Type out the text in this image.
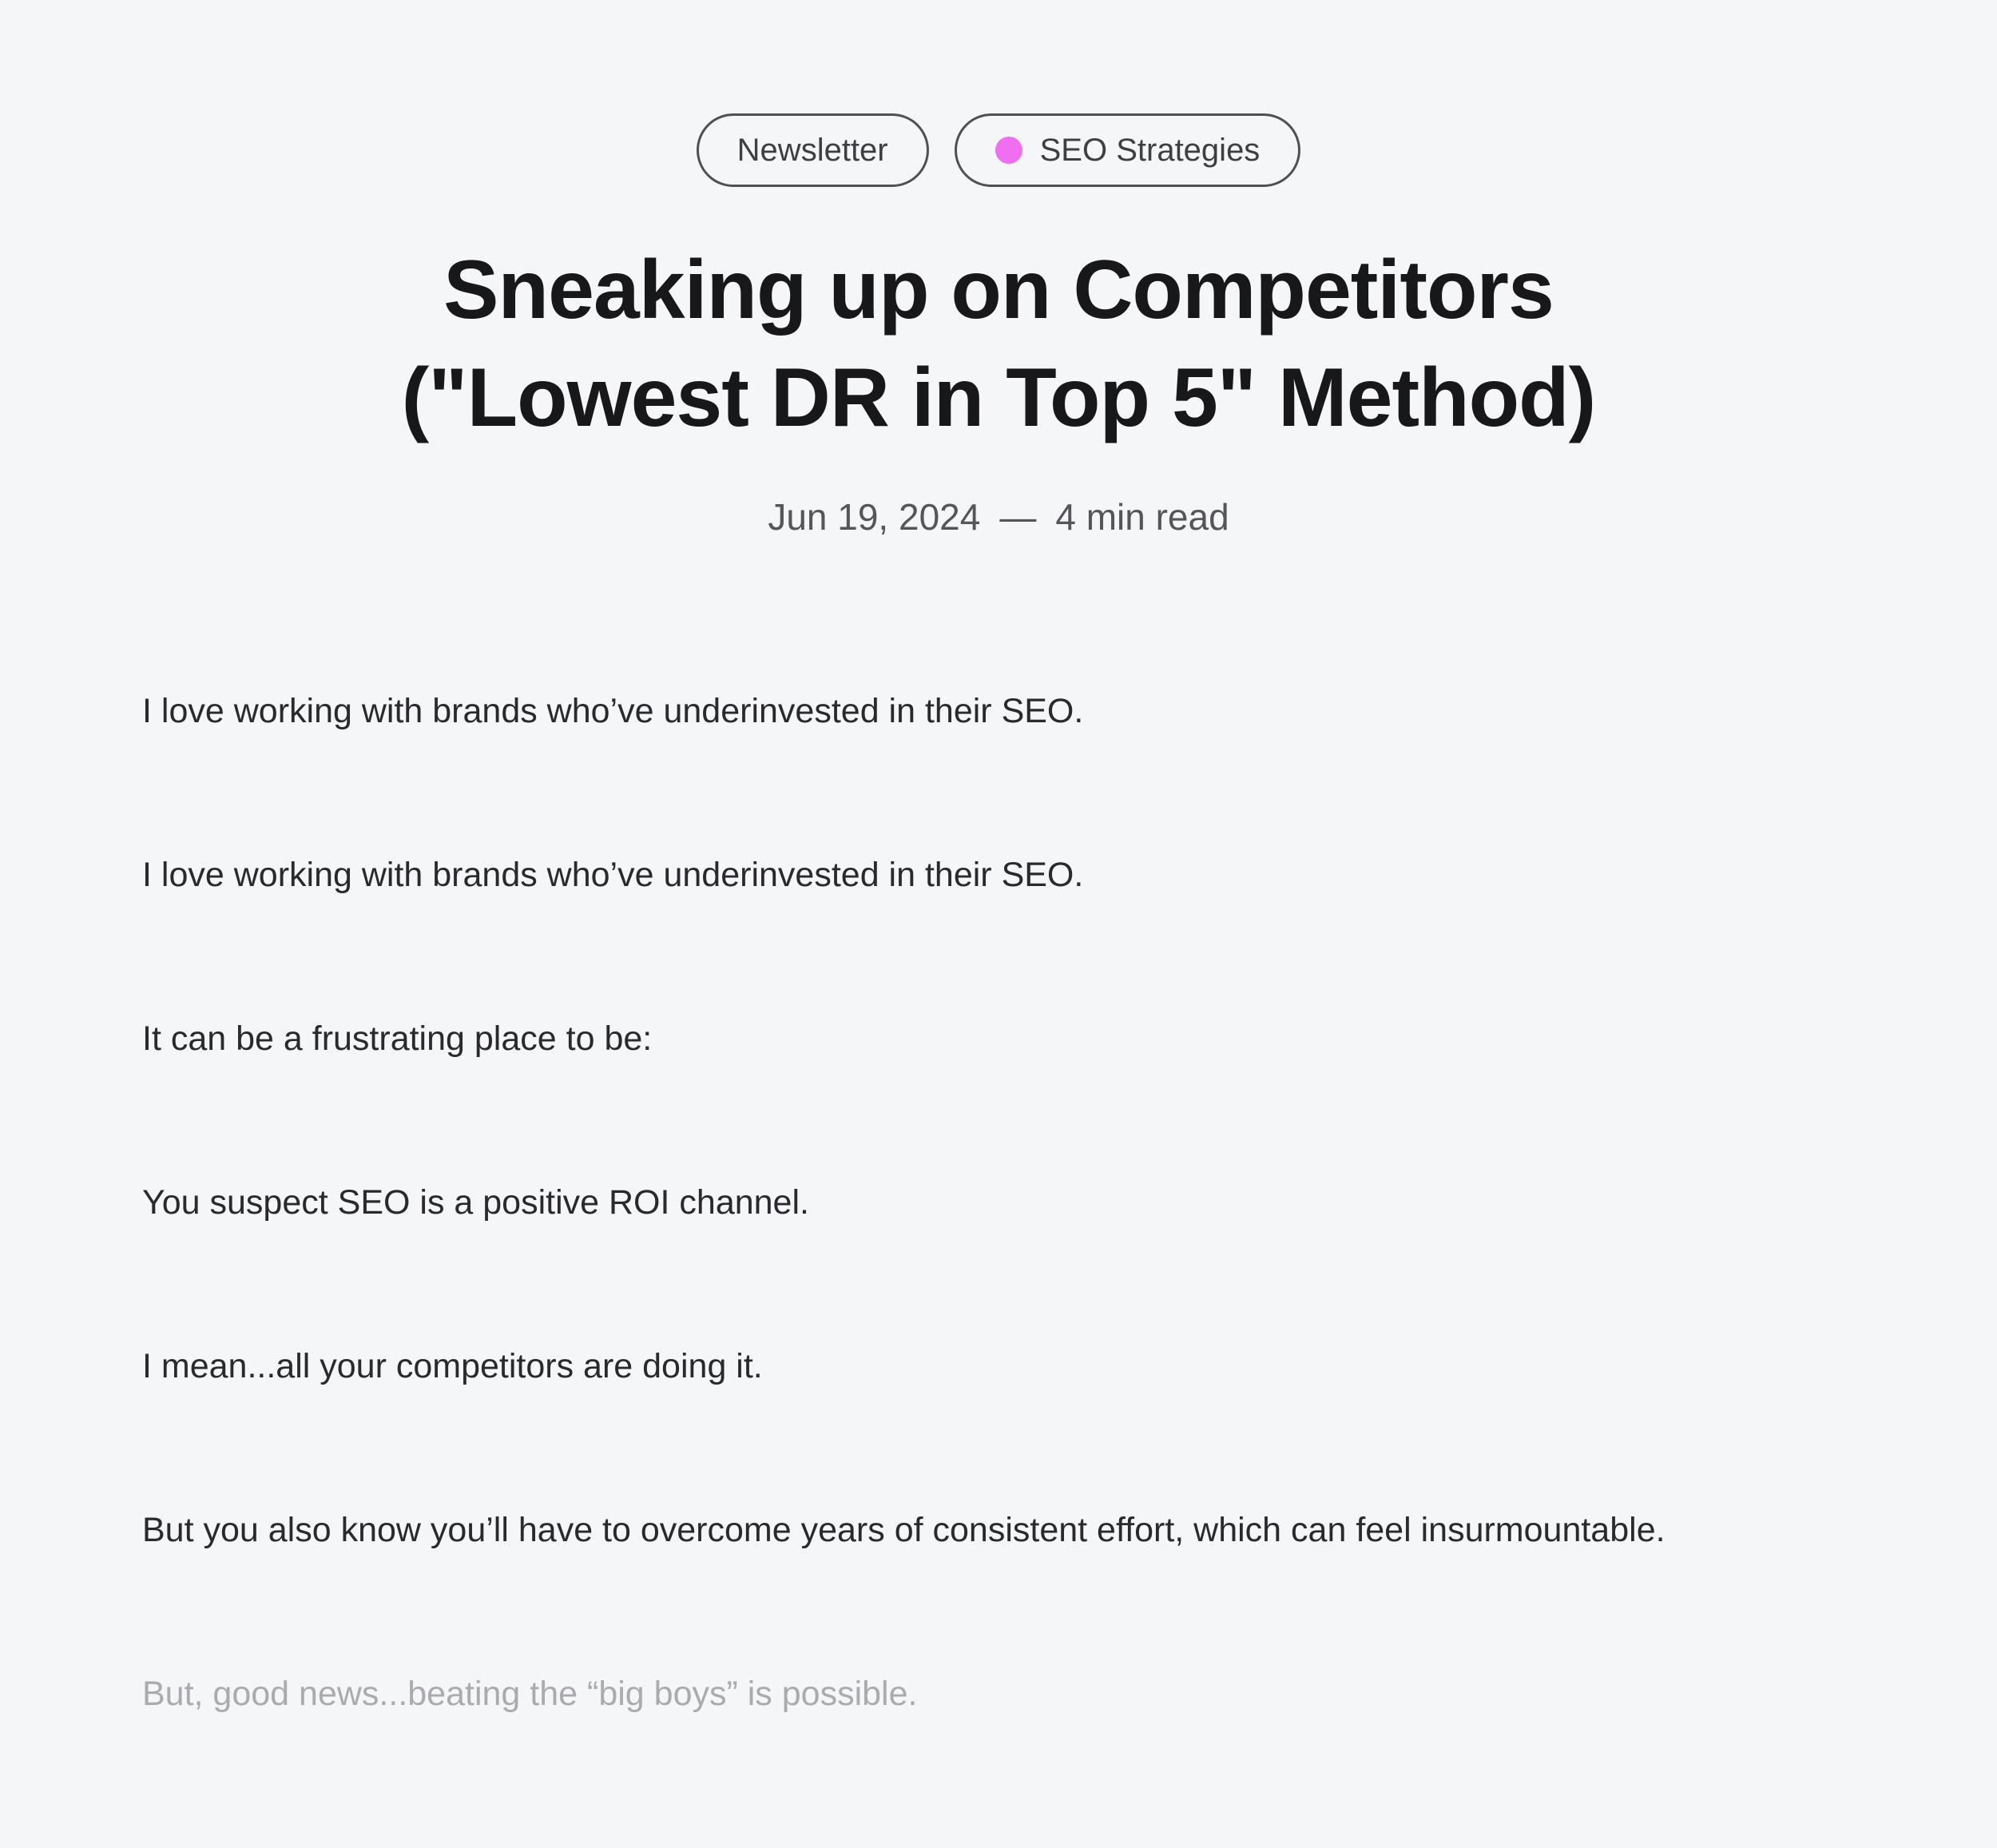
Newsletter	SEO Strategies
Sneaking up on Competitors
("Lowest DR in Top 5" Method)
Jun 19, 2024 — 4 min read

I love working with brands who’ve underinvested in their SEO.

I love working with brands who’ve underinvested in their SEO.

It can be a frustrating place to be:

You suspect SEO is a positive ROI channel.

I mean...all your competitors are doing it.

But you also know you’ll have to overcome years of consistent effort, which can feel insurmountable.

But, good news...beating the “big boys” is possible.
